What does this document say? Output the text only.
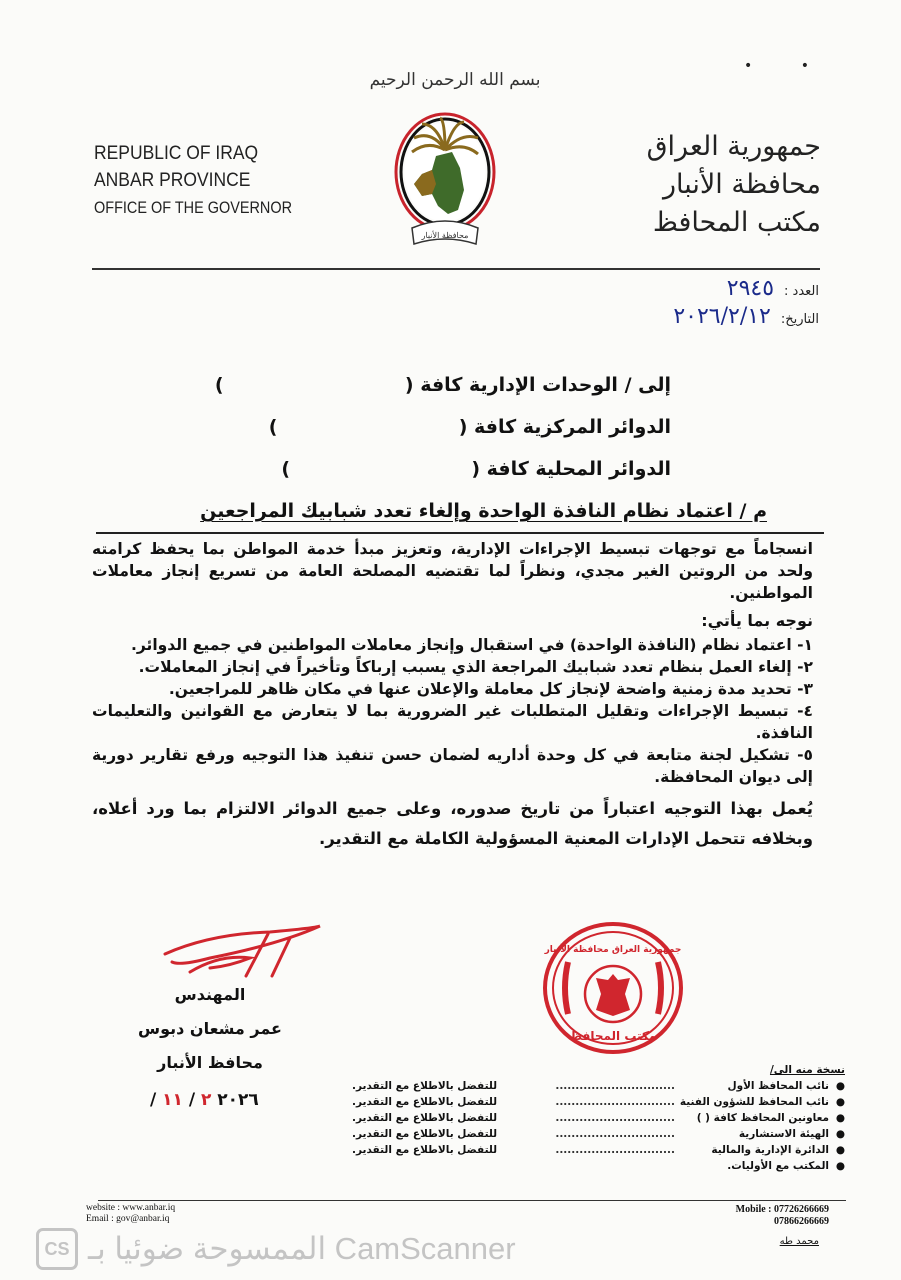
• •
بسم الله الرحمن الرحيم
REPUBLIC OF IRAQ
ANBAR PROVINCE
OFFICE OF THE GOVERNOR
محافظة الأنبار
جمهورية العراق
محافظة الأنبار
مكتب المحافظ
العدد :
٢٩٤٥
التاريخ:
٢٠٢٦/٢/١٢
إلى / الوحدات الإدارية كافة (
)
الدوائر المركزية كافة (
)
الدوائر المحلية كافة (
)
م / اعتماد نظام النافذة الواحدة وإلغاء تعدد شبابيك المراجعين

انسجاماً مع توجهات تبسيط الإجراءات الإدارية، وتعزيز مبدأ خدمة المواطن بما يحفظ كرامته ولحد من الروتين الغير مجدي، ونظراً لما تقتضيه المصلحة العامة من تسريع إنجاز معاملات المواطنين.

نوجه بما يأتي:

١- اعتماد نظام (النافذة الواحدة) في استقبال وإنجاز معاملات المواطنين في جميع الدوائر.
٢- إلغاء العمل بنظام تعدد شبابيك المراجعة الذي يسبب إرباكاً وتأخيراً في إنجاز المعاملات.
٣- تحديد مدة زمنية واضحة لإنجاز كل معاملة والإعلان عنها في مكان ظاهر للمراجعين.
٤- تبسيط الإجراءات وتقليل المتطلبات غير الضرورية بما لا يتعارض مع القوانين والتعليمات النافذة.
٥- تشكيل لجنة متابعة في كل وحدة أداريه لضمان حسن تنفيذ هذا التوجيه ورفع تقارير دورية إلى ديوان المحافظة.

يُعمل بهذا التوجيه اعتباراً من تاريخ صدوره، وعلى جميع الدوائر الالتزام بما ورد أعلاه، وبخلافه تتحمل الإدارات المعنية المسؤولية الكاملة مع التقدير.

المهندس
عمر مشعان دبوس
محافظ الأنبار
/ ٢٠٢٦ ٢ / ١١
جمهورية العراق محافظة الأنبار
مكتب المحافظ
نسخة منه الى/
●
نائب المحافظ الأول
..............................
للتفضل بالاطلاع مع التقدير.
●
نائب المحافظ للشؤون الفنية
..............................
للتفضل بالاطلاع مع التقدير.
●
معاونين المحافظ كافة ( )
..............................
للتفضل بالاطلاع مع التقدير.
●
الهيئة الاستشارية
..............................
للتفضل بالاطلاع مع التقدير.
●
الدائرة الإدارية والمالية
..............................
للتفضل بالاطلاع مع التقدير.
●
المكتب مع الأوليات.
website : www.anbar.iq
Email : gov@anbar.iq
Mobile : 07726266669
07866266669
محمد طه
CS الممسوحة ضوئيا بـ CamScanner
